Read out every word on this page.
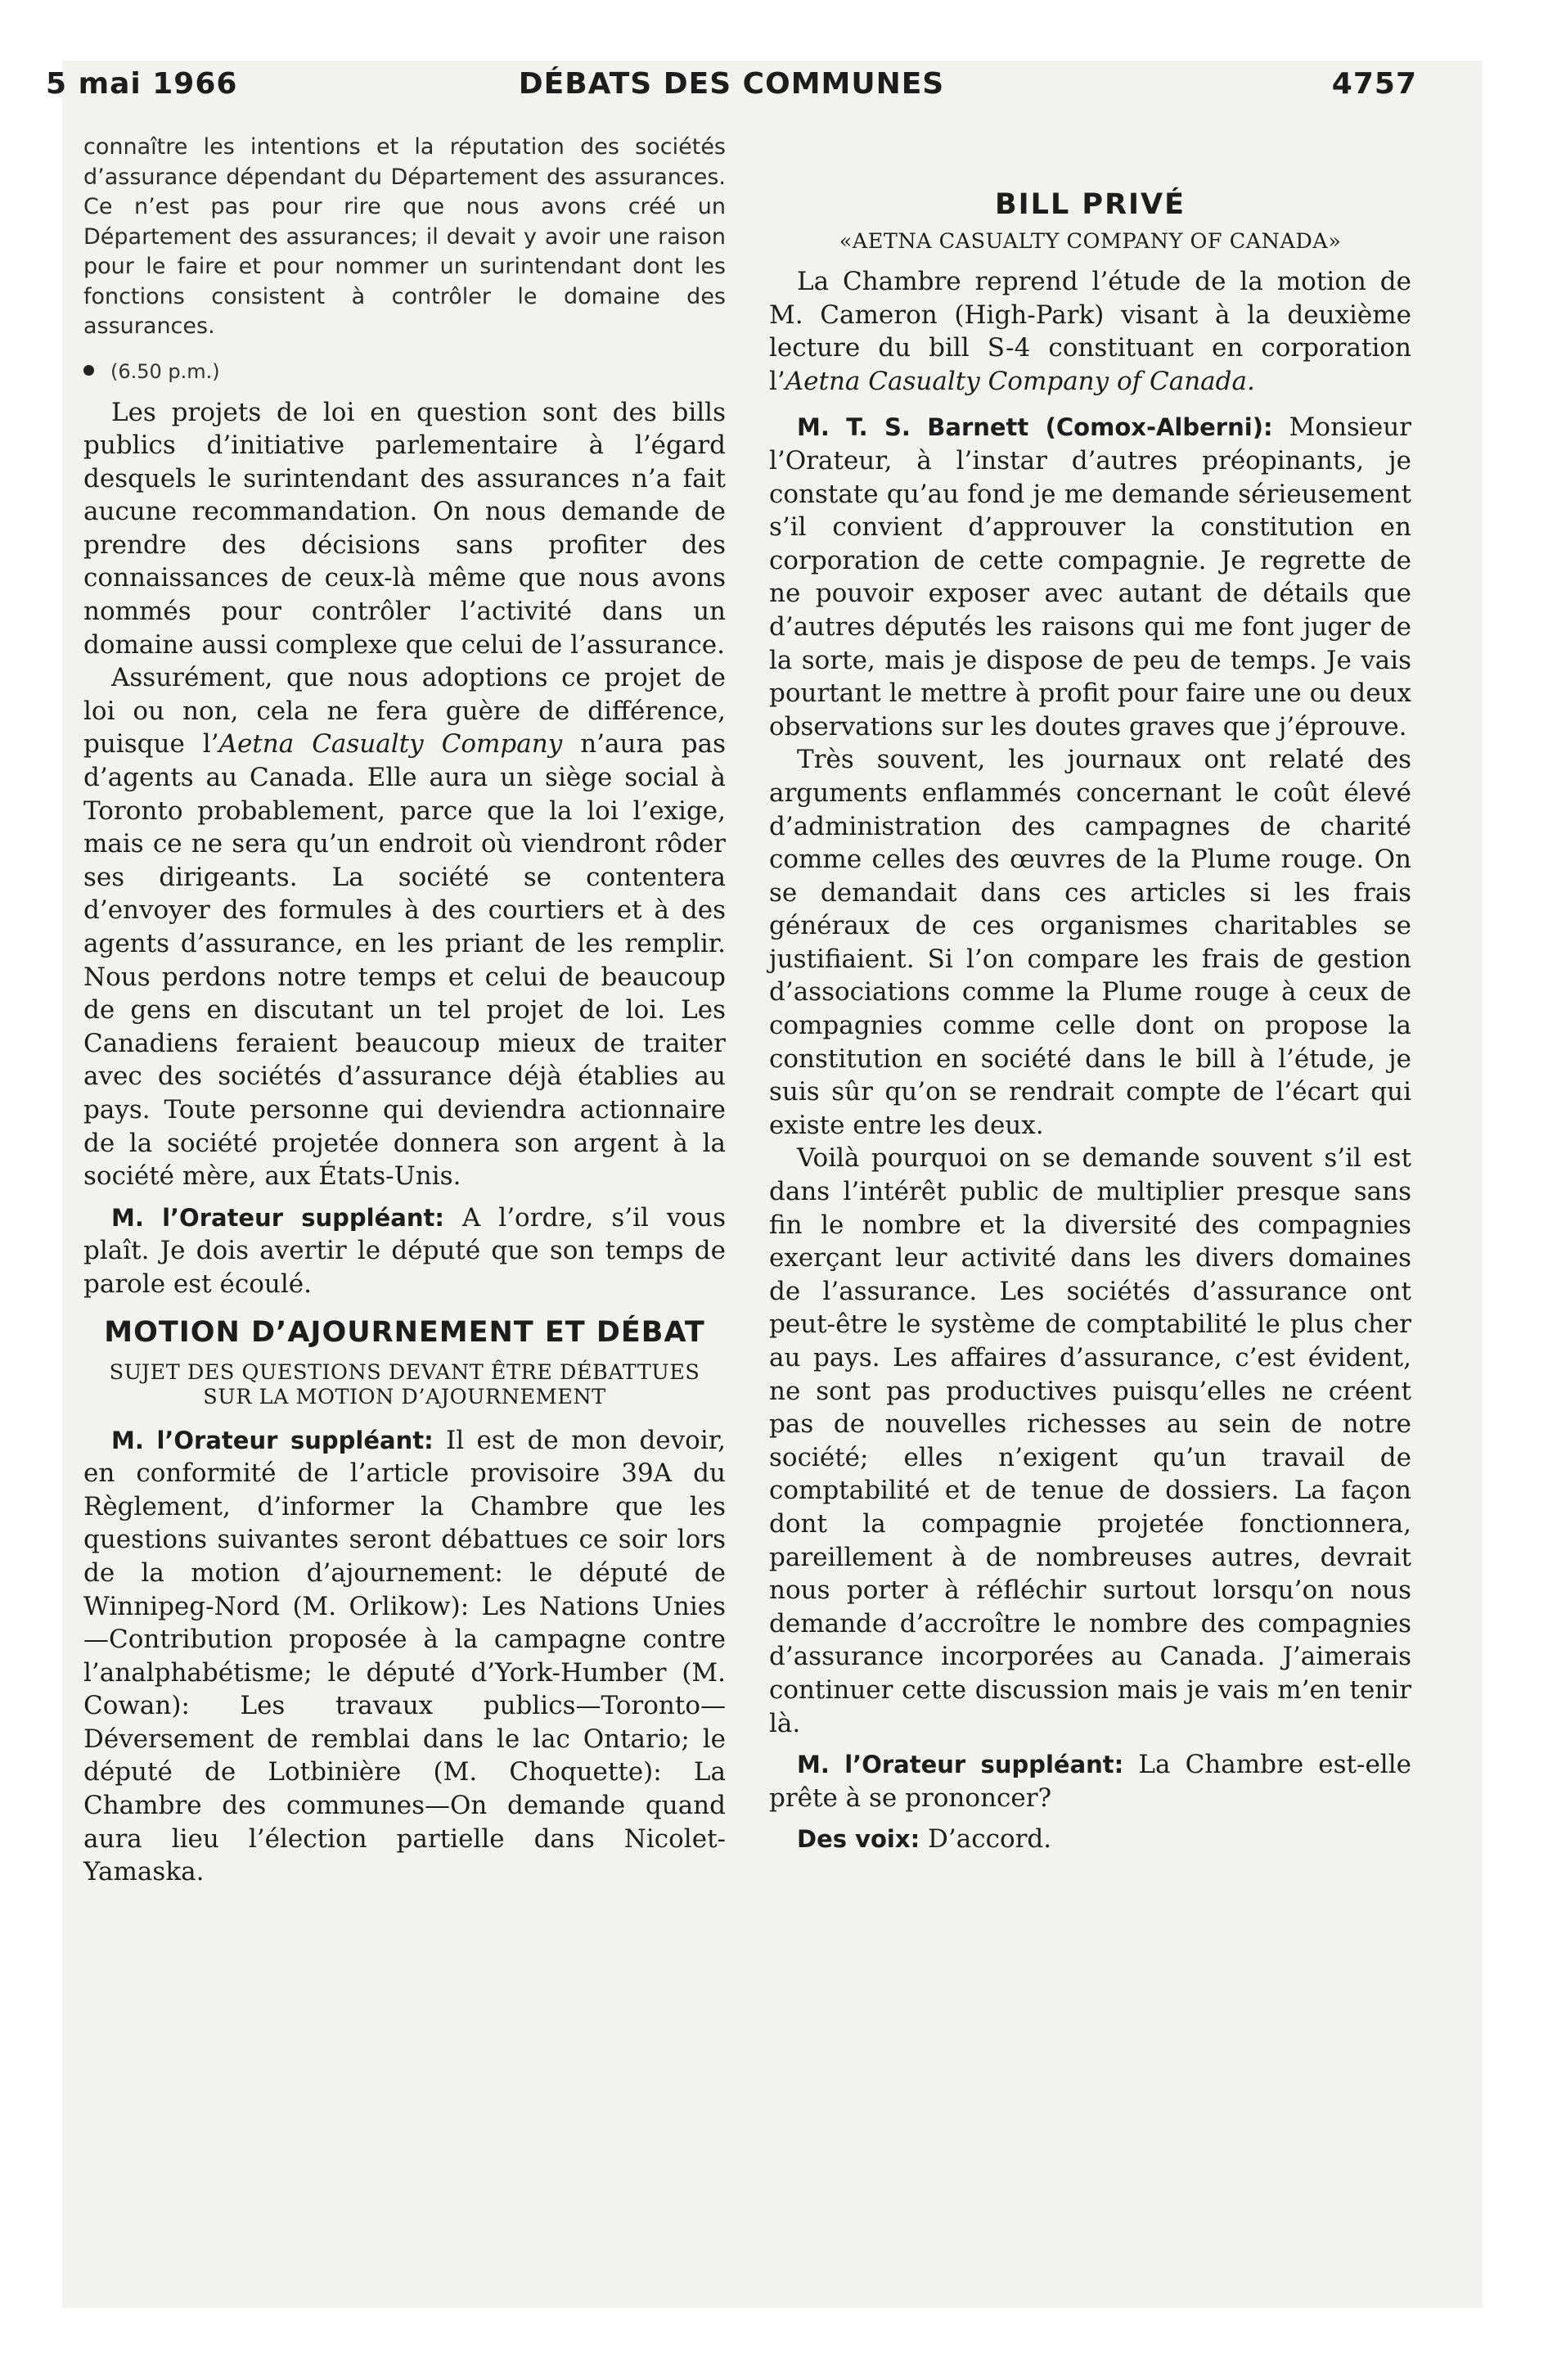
5 mai 1966	DÉBATS DES COMMUNES	4757

connaître les intentions et la réputation des sociétés d’assurance dépendant du Département des assurances. Ce n’est pas pour rire que nous avons créé un Département des assurances; il devait y avoir une raison pour le faire et pour nommer un surintendant dont les fonctions consistent à contrôler le domaine des assurances.

(6.50 p.m.)

Les projets de loi en question sont des bills publics d’initiative parlementaire à l’égard desquels le surintendant des assurances n’a fait aucune recommandation. On nous demande de prendre des décisions sans profiter des connaissances de ceux-là même que nous avons nommés pour contrôler l’activité dans un domaine aussi complexe que celui de l’assurance.

Assurément, que nous adoptions ce projet de loi ou non, cela ne fera guère de différence, puisque l’Aetna Casualty Company n’aura pas d’agents au Canada. Elle aura un siège social à Toronto probablement, parce que la loi l’exige, mais ce ne sera qu’un endroit où viendront rôder ses dirigeants. La société se contentera d’envoyer des formules à des courtiers et à des agents d’assurance, en les priant de les remplir. Nous perdons notre temps et celui de beaucoup de gens en discutant un tel projet de loi. Les Canadiens feraient beaucoup mieux de traiter avec des sociétés d’assurance déjà établies au pays. Toute personne qui deviendra actionnaire de la société projetée donnera son argent à la société mère, aux États-Unis.

M. l’Orateur suppléant: A l’ordre, s’il vous plaît. Je dois avertir le député que son temps de parole est écoulé.

MOTION D’AJOURNEMENT ET DÉBAT
SUJET DES QUESTIONS DEVANT ÊTRE DÉBATTUES SUR LA MOTION D’AJOURNEMENT

M. l’Orateur suppléant: Il est de mon devoir, en conformité de l’article provisoire 39A du Règlement, d’informer la Chambre que les questions suivantes seront débattues ce soir lors de la motion d’ajournement: le député de Winnipeg-Nord (M. Orlikow): Les Nations Unies—Contribution proposée à la campagne contre l’analphabétisme; le député d’York-Humber (M. Cowan): Les travaux publics—Toronto—Déversement de remblai dans le lac Ontario; le député de Lotbinière (M. Choquette): La Chambre des communes—On demande quand aura lieu l’élection partielle dans Nicolet-Yamaska.

BILL PRIVÉ
«AETNA CASUALTY COMPANY OF CANADA»

La Chambre reprend l’étude de la motion de M. Cameron (High-Park) visant à la deuxième lecture du bill S-4 constituant en corporation l’Aetna Casualty Company of Canada.

M. T. S. Barnett (Comox-Alberni): Monsieur l’Orateur, à l’instar d’autres préopinants, je constate qu’au fond je me demande sérieusement s’il convient d’approuver la constitution en corporation de cette compagnie. Je regrette de ne pouvoir exposer avec autant de détails que d’autres députés les raisons qui me font juger de la sorte, mais je dispose de peu de temps. Je vais pourtant le mettre à profit pour faire une ou deux observations sur les doutes graves que j’éprouve.

Très souvent, les journaux ont relaté des arguments enflammés concernant le coût élevé d’administration des campagnes de charité comme celles des œuvres de la Plume rouge. On se demandait dans ces articles si les frais généraux de ces organismes charitables se justifiaient. Si l’on compare les frais de gestion d’associations comme la Plume rouge à ceux de compagnies comme celle dont on propose la constitution en société dans le bill à l’étude, je suis sûr qu’on se rendrait compte de l’écart qui existe entre les deux.

Voilà pourquoi on se demande souvent s’il est dans l’intérêt public de multiplier presque sans fin le nombre et la diversité des compagnies exerçant leur activité dans les divers domaines de l’assurance. Les sociétés d’assurance ont peut-être le système de comptabilité le plus cher au pays. Les affaires d’assurance, c’est évident, ne sont pas productives puisqu’elles ne créent pas de nouvelles richesses au sein de notre société; elles n’exigent qu’un travail de comptabilité et de tenue de dossiers. La façon dont la compagnie projetée fonctionnera, pareillement à de nombreuses autres, devrait nous porter à réfléchir surtout lorsqu’on nous demande d’accroître le nombre des compagnies d’assurance incorporées au Canada. J’aimerais continuer cette discussion mais je vais m’en tenir là.

M. l’Orateur suppléant: La Chambre est-elle prête à se prononcer?

Des voix: D’accord.
